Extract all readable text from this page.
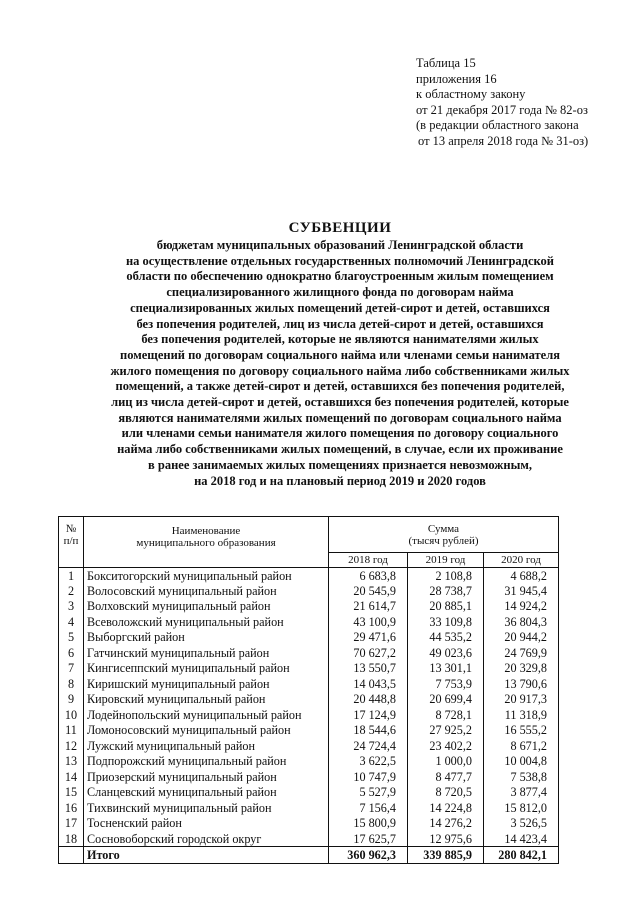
Таблица 15
приложения 16
к областному закону
от 21 декабря 2017 года № 82-оз
(в редакции областного закона
от 13 апреля 2018 года № 31-оз)
СУБВЕНЦИИ
бюджетам муниципальных образований Ленинградской области
на осуществление отдельных государственных полномочий Ленинградской
области по обеспечению однократно благоустроенным жилым помещением
специализированного жилищного фонда по договорам найма
специализированных жилых помещений детей-сирот и детей, оставшихся
без попечения родителей, лиц из числа детей-сирот и детей, оставшихся
без попечения родителей, которые не являются нанимателями жилых
помещений по договорам социального найма или членами семьи нанимателя
жилого помещения по договору социального найма либо собственниками жилых
помещений, а также детей-сирот и детей, оставшихся без попечения родителей,
лиц из числа детей-сирот и детей, оставшихся без попечения родителей, которые
являются нанимателями жилых помещений по договорам социального найма
или членами семьи нанимателя жилого помещения по договору социального
найма либо собственниками жилых помещений, в случае, если их проживание
в ранее занимаемых жилых помещениях признается невозможным,
на 2018 год и на плановый период 2019 и 2020 годов
№
п/п	Наименование
муниципального образования	Сумма
(тысяч рублей)		
		2018 год	2019 год	2020 год
1	Бокситогорский муниципальный район	6 683,8	2 108,8	4 688,2
2	Волосовский муниципальный район	20 545,9	28 738,7	31 945,4
3	Волховский муниципальный район	21 614,7	20 885,1	14 924,2
4	Всеволожский муниципальный район	43 100,9	33 109,8	36 804,3
5	Выборгский район	29 471,6	44 535,2	20 944,2
6	Гатчинский муниципальный район	70 627,2	49 023,6	24 769,9
7	Кингисеппский муниципальный район	13 550,7	13 301,1	20 329,8
8	Киришский муниципальный район	14 043,5	7 753,9	13 790,6
9	Кировский муниципальный район	20 448,8	20 699,4	20 917,3
10	Лодейнопольский муниципальный район	17 124,9	8 728,1	11 318,9
11	Ломоносовский муниципальный район	18 544,6	27 925,2	16 555,2
12	Лужский муниципальный район	24 724,4	23 402,2	8 671,2
13	Подпорожский муниципальный район	3 622,5	1 000,0	10 004,8
14	Приозерский муниципальный район	10 747,9	8 477,7	7 538,8
15	Сланцевский муниципальный район	5 527,9	8 720,5	3 877,4
16	Тихвинский муниципальный район	7 156,4	14 224,8	15 812,0
17	Тосненский район	15 800,9	14 276,2	3 526,5
18	Сосновоборский городской округ	17 625,7	12 975,6	14 423,4
	Итого	360 962,3	339 885,9	280 842,1
